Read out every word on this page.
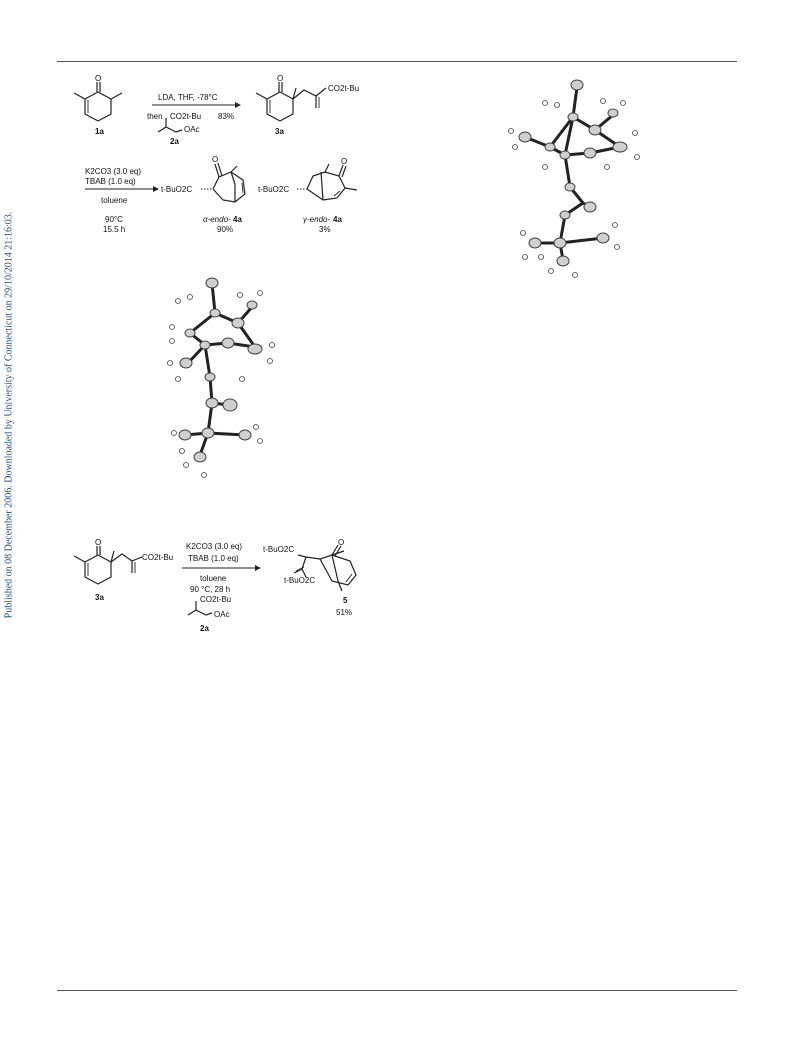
Published on 08 December 2006. Downloaded by University of Connecticut on 29/10/2014 21:16:03.
O
1a
LDA, THF, -78°C
then CO2t-Bu
OAc
2a
83%
O
CO2t-Bu
3a
K2CO3 (3.0 eq)
TBAB (1.0 eq)
toluene
90°C
15.5 h
t-BuO2C
O
α-endo- 4a
90%
t-BuO2C
O
γ-endo- 4a
3%
O
CO2t-Bu
3a
K2CO3 (3.0 eq)
TBAB (1.0 eq)
toluene
90 °C, 28 h
CO2t-Bu
OAc
2a
t-BuO2C
t-BuO2C
O
5
51%
